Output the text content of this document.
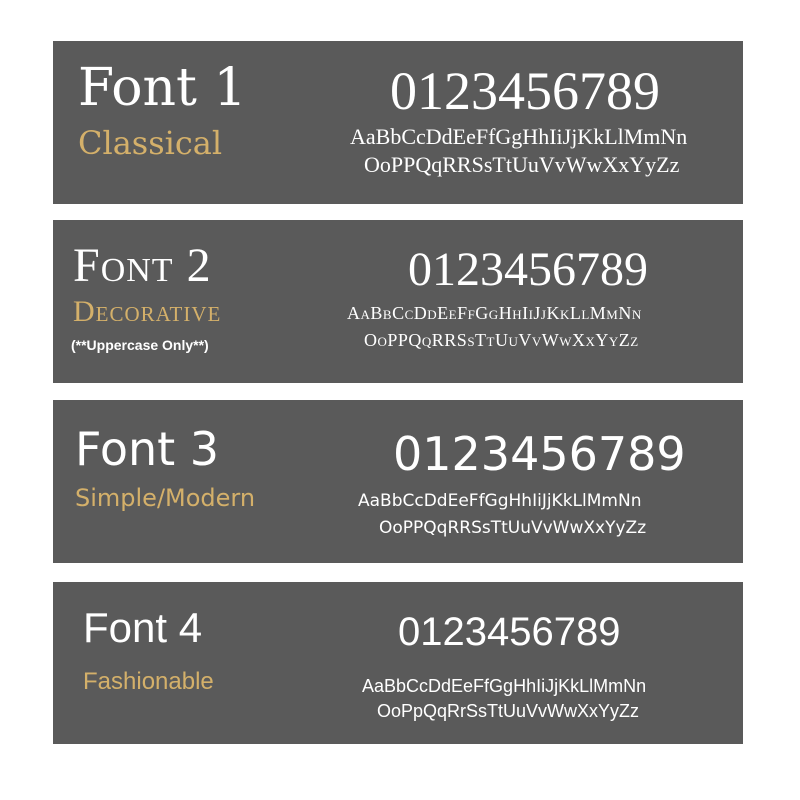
Font 1
Classical
0123456789
AaBbCcDdEeFfGgHhIiJjKkLlMmNn
OoPPQqRRSsTtUuVvWwXxYyZz
Font 2
Decorative
(**Uppercase Only**)
0123456789
AaBbCcDdEeFfGgHhIiJjKkLlMmNn
OoPPQqRRSsTtUuVvWwXxYyZz
Font 3
Simple/Modern
0123456789
AaBbCcDdEeFfGgHhIiJjKkLlMmNn
OoPPQqRRSsTtUuVvWwXxYyZz
Font 4
Fashionable
0123456789
AaBbCcDdEeFfGgHhIiJjKkLlMmNn
OoPpQqRrSsTtUuVvWwXxYyZz
